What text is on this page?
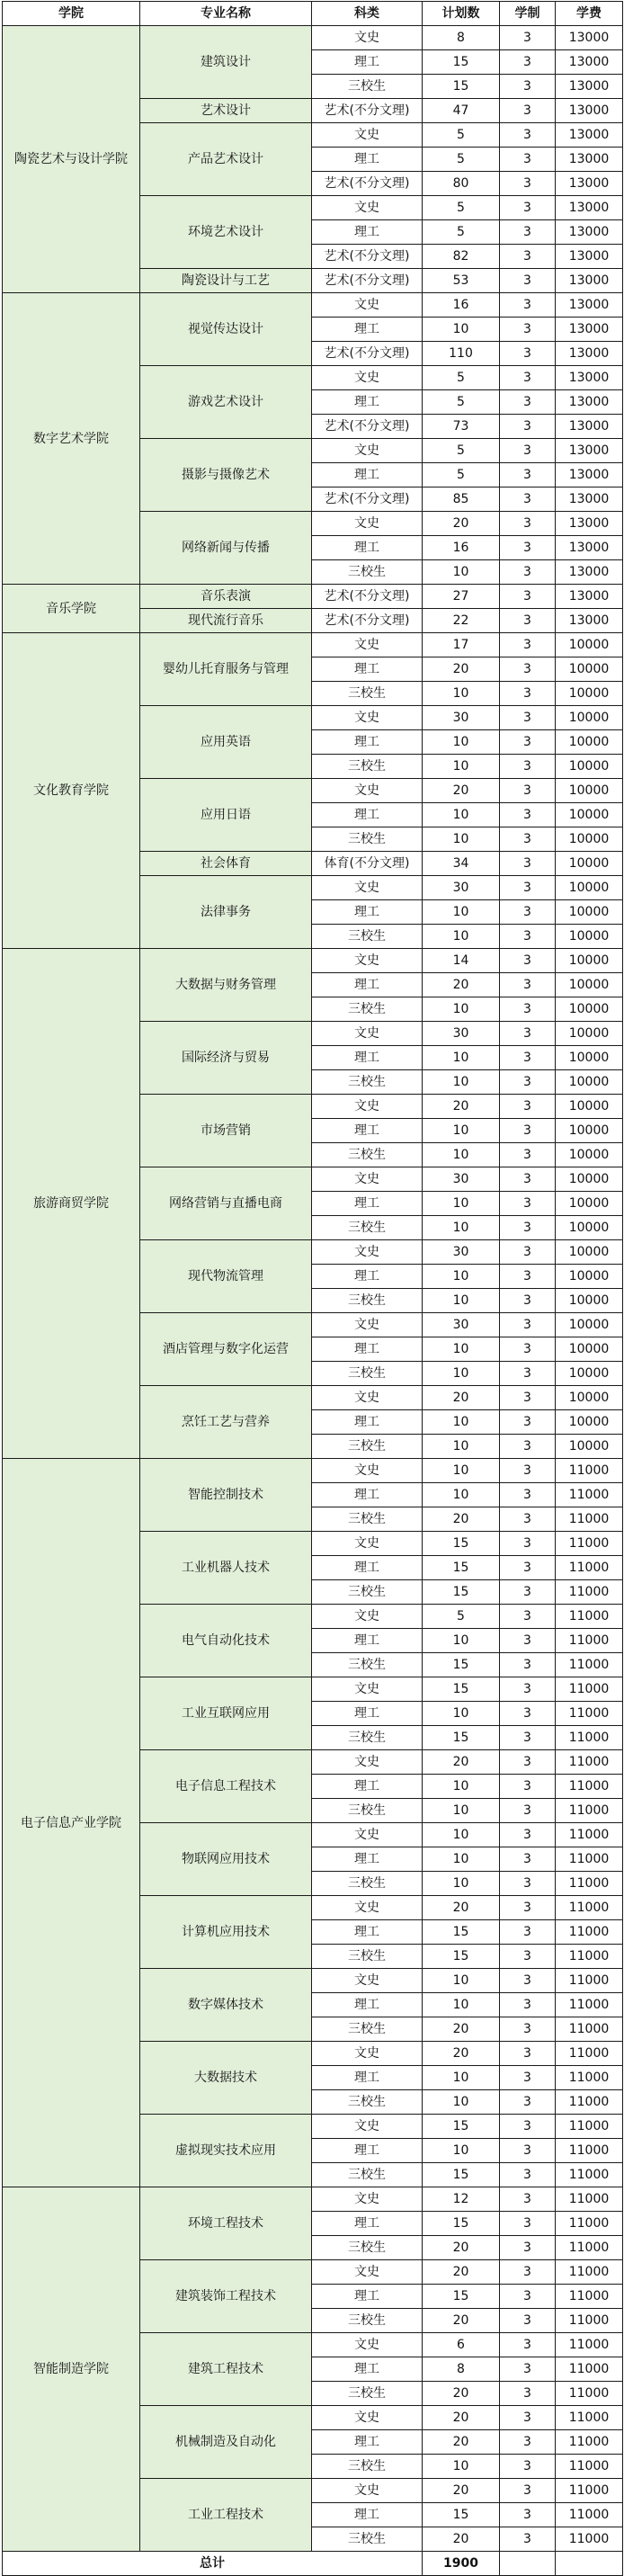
学院	专业名称	科类	计划数	学制	学费
陶瓷艺术与设计学院	建筑设计	文史	8	3	13000
		理工	15	3	13000
		三校生	15	3	13000
	艺术设计	艺术(不分文理)	47	3	13000
	产品艺术设计	文史	5	3	13000
		理工	5	3	13000
		艺术(不分文理)	80	3	13000
	环境艺术设计	文史	5	3	13000
		理工	5	3	13000
		艺术(不分文理)	82	3	13000
	陶瓷设计与工艺	艺术(不分文理)	53	3	13000
数字艺术学院	视觉传达设计	文史	16	3	13000
		理工	10	3	13000
		艺术(不分文理)	110	3	13000
	游戏艺术设计	文史	5	3	13000
		理工	5	3	13000
		艺术(不分文理)	73	3	13000
	摄影与摄像艺术	文史	5	3	13000
		理工	5	3	13000
		艺术(不分文理)	85	3	13000
	网络新闻与传播	文史	20	3	13000
		理工	16	3	13000
		三校生	10	3	13000
音乐学院	音乐表演	艺术(不分文理)	27	3	13000
	现代流行音乐	艺术(不分文理)	22	3	13000
文化教育学院	婴幼儿托育服务与管理	文史	17	3	10000
		理工	20	3	10000
		三校生	10	3	10000
	应用英语	文史	30	3	10000
		理工	10	3	10000
		三校生	10	3	10000
	应用日语	文史	20	3	10000
		理工	10	3	10000
		三校生	10	3	10000
	社会体育	体育(不分文理)	34	3	10000
	法律事务	文史	30	3	10000
		理工	10	3	10000
		三校生	10	3	10000
旅游商贸学院	大数据与财务管理	文史	14	3	10000
		理工	20	3	10000
		三校生	10	3	10000
	国际经济与贸易	文史	30	3	10000
		理工	10	3	10000
		三校生	10	3	10000
	市场营销	文史	20	3	10000
		理工	10	3	10000
		三校生	10	3	10000
	网络营销与直播电商	文史	30	3	10000
		理工	10	3	10000
		三校生	10	3	10000
	现代物流管理	文史	30	3	10000
		理工	10	3	10000
		三校生	10	3	10000
	酒店管理与数字化运营	文史	30	3	10000
		理工	10	3	10000
		三校生	10	3	10000
	烹饪工艺与营养	文史	20	3	10000
		理工	10	3	10000
		三校生	10	3	10000
电子信息产业学院	智能控制技术	文史	10	3	11000
		理工	10	3	11000
		三校生	20	3	11000
	工业机器人技术	文史	15	3	11000
		理工	15	3	11000
		三校生	15	3	11000
	电气自动化技术	文史	5	3	11000
		理工	10	3	11000
		三校生	15	3	11000
	工业互联网应用	文史	15	3	11000
		理工	10	3	11000
		三校生	15	3	11000
	电子信息工程技术	文史	20	3	11000
		理工	10	3	11000
		三校生	10	3	11000
	物联网应用技术	文史	10	3	11000
		理工	10	3	11000
		三校生	10	3	11000
	计算机应用技术	文史	20	3	11000
		理工	15	3	11000
		三校生	15	3	11000
	数字媒体技术	文史	10	3	11000
		理工	10	3	11000
		三校生	20	3	11000
	大数据技术	文史	20	3	11000
		理工	10	3	11000
		三校生	10	3	11000
	虚拟现实技术应用	文史	15	3	11000
		理工	10	3	11000
		三校生	15	3	11000
智能制造学院	环境工程技术	文史	12	3	11000
		理工	15	3	11000
		三校生	20	3	11000
	建筑装饰工程技术	文史	20	3	11000
		理工	15	3	11000
		三校生	20	3	11000
	建筑工程技术	文史	6	3	11000
		理工	8	3	11000
		三校生	20	3	11000
	机械制造及自动化	文史	20	3	11000
		理工	20	3	11000
		三校生	10	3	11000
	工业工程技术	文史	20	3	11000
		理工	15	3	11000
		三校生	20	3	11000
总计			1900		
